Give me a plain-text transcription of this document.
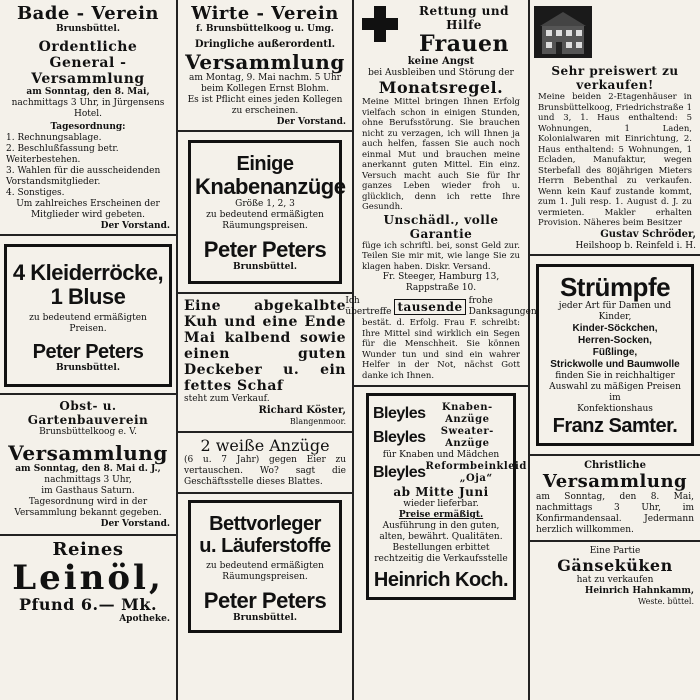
Bade - Verein
Brunsbüttel.
Ordentliche
General - Versammlung
am Sonntag, den 8. Mai,
nachmittags 3 Uhr, in Jürgensens Hotel.
Tagesordnung:
1. Rechnungsablage.
2. Beschlußfassung betr. Weiterbestehen.
3. Wahlen für die ausscheidenden Vorstandsmitglieder.
4. Sonstiges.
Um zahlreiches Erscheinen der Mitglieder wird gebeten.
Der Vorstand.
4 Kleiderröcke,
1 Bluse
zu bedeutend ermäßigten Preisen.
Peter Peters
Brunsbüttel.
Obst- u. Gartenbauverein
Brunsbüttelkoog e. V.
Versammlung
am Sonntag, den 8. Mai d. J.,
nachmittags 3 Uhr,
im Gasthaus Saturn.
Tagesordnung wird in der Versammlung bekannt gegeben.
Der Vorstand.
Reines
Leinöl,
Pfund 6.— Mk.
Apotheke.
Wirte - Verein
f. Brunsbüttelkoog u. Umg.
Dringliche außerordentl.
Versammlung
am Montag, 9. Mai nachm. 5 Uhr beim Kollegen Ernst Blohm.
Es ist Pflicht eines jeden Kollegen zu erscheinen.
Der Vorstand.
Einige
Knabenanzüge
Größe 1, 2, 3
zu bedeutend ermäßigten Räumungspreisen.
Peter Peters
Brunsbüttel.
Eine abgekalbte Kuh und eine Ende Mai kalbend sowie einen guten Deckeber u. ein fettes Schaf
steht zum Verkauf.
Richard Köster,
Blangenmoor.
2 weiße Anzüge
(6 u. 7 Jahr) gegen Eier zu vertauschen. Wo? sagt die Geschäftsstelle dieses Blattes.
Bettvorleger
u. Läuferstoffe
zu bedeutend ermäßigten Räumungspreisen.
Peter Peters
Brunsbüttel.
Rettung und Hilfe
Frauen
keine Angst
bei Ausbleiben und Störung der
Monatsregel.
Meine Mittel bringen Ihnen Erfolg vielfach schon in einigen Stunden, ohne Berufsstörung. Sie brauchen nicht zu verzagen, ich will Ihnen ja auch helfen, fassen Sie auch noch einmal Mut und brauchen meine anerkannt guten Mittel. Ein einz. Versuch macht auch Sie für Ihr ganzes Leben wieder froh u. glücklich, denn ich rette Ihre Gesundh.
Unschädl., volle Garantie
füge ich schriftl. bei, sonst Geld zur. Teilen Sie mir mit, wie lange Sie zu klagen haben. Diskr. Versand.
Fr. Steeger, Hamburg 13,
Rappstraße 10.
Ich übertreffe tausende frohe Danksagungen
bestät. d. Erfolg. Frau F. schreibt: Ihre Mittel sind wirklich ein Segen für die Menschheit. Sie können Wunder tun und sind ein wahrer Helfer in der Not, nächst Gott danke ich Ihnen.
Bleyles	Knaben-Anzüge
Bleyles	Sweater-Anzüge
für Knaben und Mädchen
Bleyles Reformbeinkleid „Oja“
ab Mitte Juni
wieder lieferbar.
Preise ermäßigt.
Ausführung in den guten, alten, bewährt. Qualitäten.
Bestellungen erbittet rechtzeitig die Verkaufsstelle
Heinrich Koch.
Sehr preiswert zu verkaufen!
Meine beiden 2-Etagenhäuser in Brunsbüttelkoog, Friedrichstraße 1 und 3, 1. Haus enthaltend: 5 Wohnungen, 1 Laden, Kolonialwaren mit Einrichtung, 2. Haus enthaltend: 5 Wohnungen, 1 Ecladen, Manufaktur, wegen Sterbefall des 80jährigen Mieters Herrn Bebenthal zu verkaufen. Wenn kein Kauf zustande kommt, zum 1. Juli resp. 1. August d. J. zu vermieten. Makler erhalten Provision. Näheres beim Besitzer
Gustav Schröder,
Heilshoop b. Reinfeld i. H.
Strümpfe
jeder Art für Damen und Kinder,
Kinder-Söckchen,
Herren-Socken,
Füßlinge,
Strickwolle und Baumwolle
finden Sie in reichhaltiger Auswahl zu mäßigen Preisen im
Konfektionshaus
Franz Samter.
Christliche
Versammlung
am Sonntag, den 8. Mai, nachmittags 3 Uhr, im Konfirmandensaal. Jedermann herzlich willkommen.
Eine Partie
Gänseküken
hat zu verkaufen
Heinrich Hahnkamm,
Weste. büttel.
